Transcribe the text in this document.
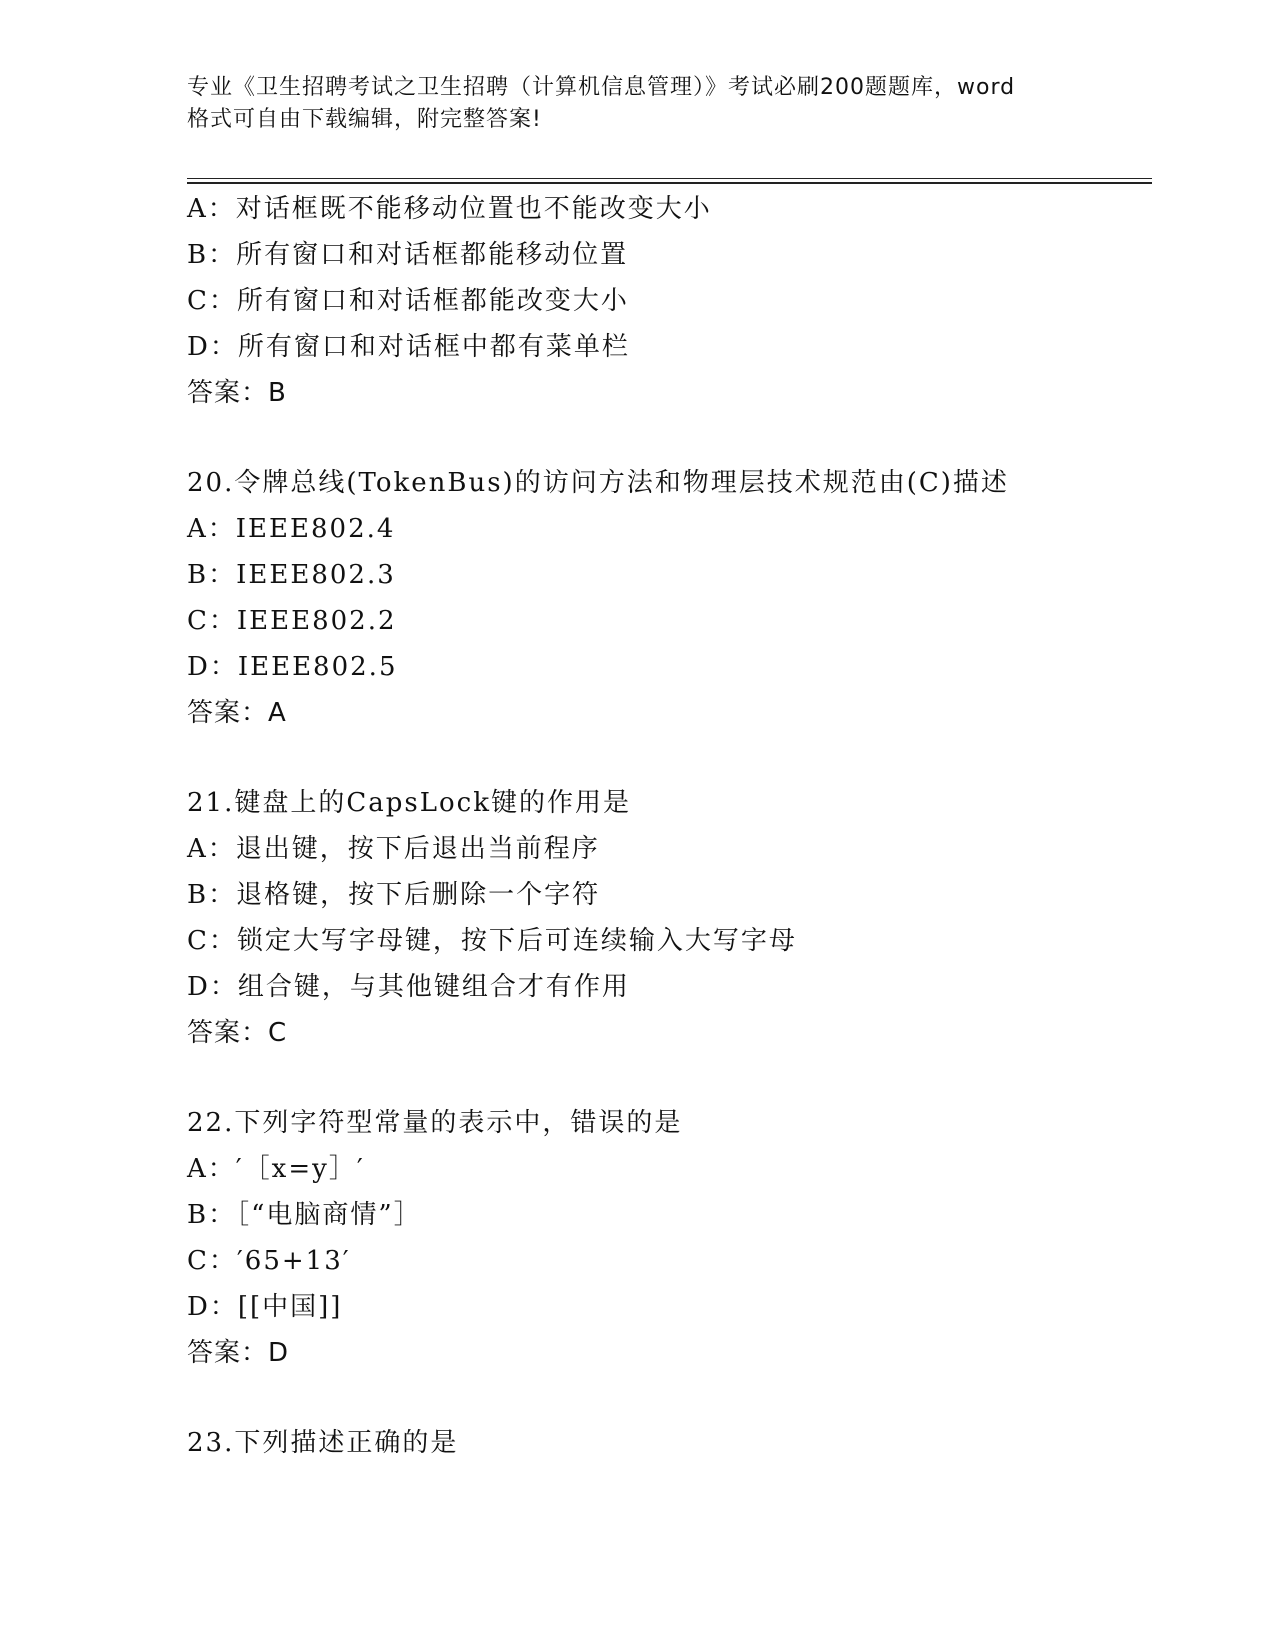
专业《卫生招聘考试之卫生招聘（计算机信息管理）》考试必刷200题题库，word
格式可自由下载编辑，附完整答案!
A：对话框既不能移动位置也不能改变大小
B：所有窗口和对话框都能移动位置
C：所有窗口和对话框都能改变大小
D：所有窗口和对话框中都有菜单栏
答案：B
20.令牌总线(TokenBus)的访问方法和物理层技术规范由(C)描述
A：IEEE802.4
B：IEEE802.3
C：IEEE802.2
D：IEEE802.5
答案：A
21.键盘上的CapsLock键的作用是
A：退出键，按下后退出当前程序
B：退格键，按下后删除一个字符
C：锁定大写字母键，按下后可连续输入大写字母
D：组合键，与其他键组合才有作用
答案：C
22.下列字符型常量的表示中，错误的是
A：′［x=y］′
B：［“电脑商情”］
C：′65+13′
D：[[中国]]
答案：D
23.下列描述正确的是
